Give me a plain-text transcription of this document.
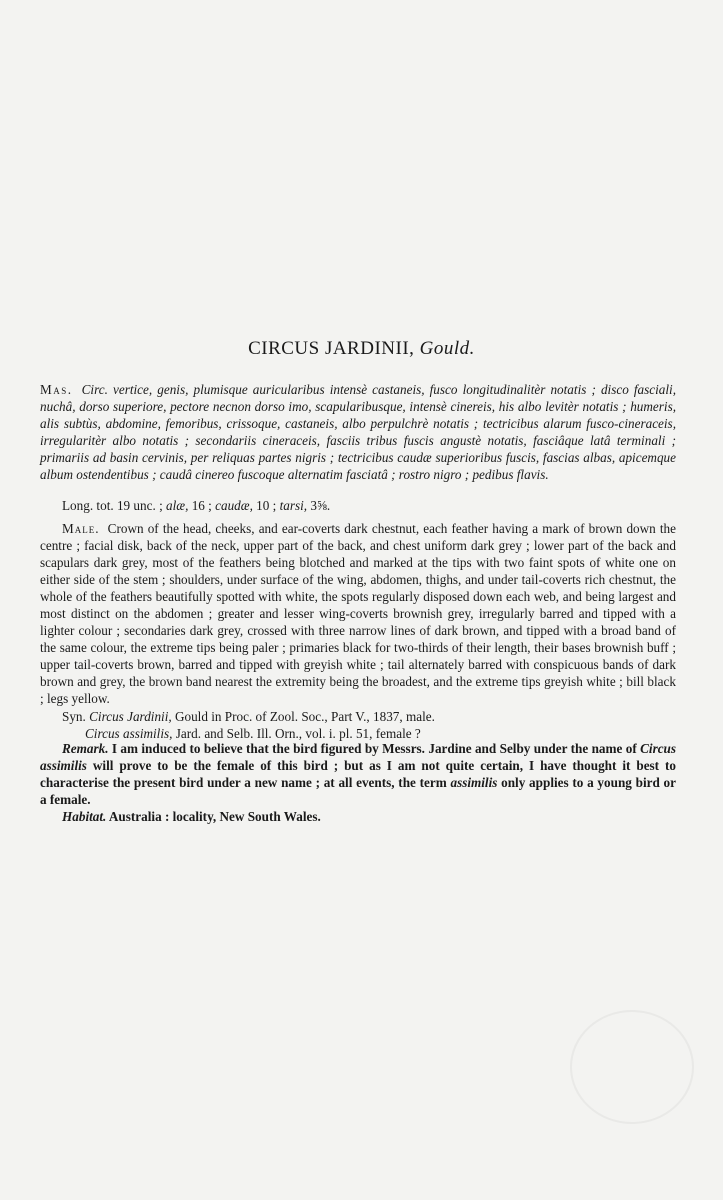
CIRCUS JARDINII, Gould.
Mas. Circ. vertice, genis, plumisque auricularibus intensè castaneis, fusco longitudinalitèr notatis ; disco fasciali, nuchâ, dorso superiore, pectore necnon dorso imo, scapularibusque, intensè cinereis, his albo levitèr notatis ; humeris, alis subtùs, abdomine, femoribus, crissoque, castaneis, albo perpulchrè notatis ; tectricibus alarum fusco-cineraceis, irregularitèr albo notatis ; secondariis cineraceis, fasciis tribus fuscis angustè notatis, fasciâque latâ terminali ; primariis ad basin cervinis, per reliquas partes nigris ; tectricibus caudæ superioribus fuscis, fascias albas, apicemque album ostendentibus ; caudâ cinereo fuscoque alternatim fasciatâ ; rostro nigro ; pedibus flavis.
Long. tot. 19 unc. ; alæ, 16 ; caudæ, 10 ; tarsi, 3⅝.
Male. Crown of the head, cheeks, and ear-coverts dark chestnut, each feather having a mark of brown down the centre ; facial disk, back of the neck, upper part of the back, and chest uniform dark grey ; lower part of the back and scapulars dark grey, most of the feathers being blotched and marked at the tips with two faint spots of white one on either side of the stem ; shoulders, under surface of the wing, abdomen, thighs, and under tail-coverts rich chestnut, the whole of the feathers beautifully spotted with white, the spots regularly disposed down each web, and being largest and most distinct on the abdomen ; greater and lesser wing-coverts brownish grey, irregularly barred and tipped with a lighter colour ; secondaries dark grey, crossed with three narrow lines of dark brown, and tipped with a broad band of the same colour, the extreme tips being paler ; primaries black for two-thirds of their length, their bases brownish buff ; upper tail-coverts brown, barred and tipped with greyish white ; tail alternately barred with conspicuous bands of dark brown and grey, the brown band nearest the extremity being the broadest, and the extreme tips greyish white ; bill black ; legs yellow.
Syn. Circus Jardinii, Gould in Proc. of Zool. Soc., Part V., 1837, male.
Circus assimilis, Jard. and Selb. Ill. Orn., vol. i. pl. 51, female ?
Remark. I am induced to believe that the bird figured by Messrs. Jardine and Selby under the name of Circus assimilis will prove to be the female of this bird ; but as I am not quite certain, I have thought it best to characterise the present bird under a new name ; at all events, the term assimilis only applies to a young bird or a female.
Habitat. Australia : locality, New South Wales.
